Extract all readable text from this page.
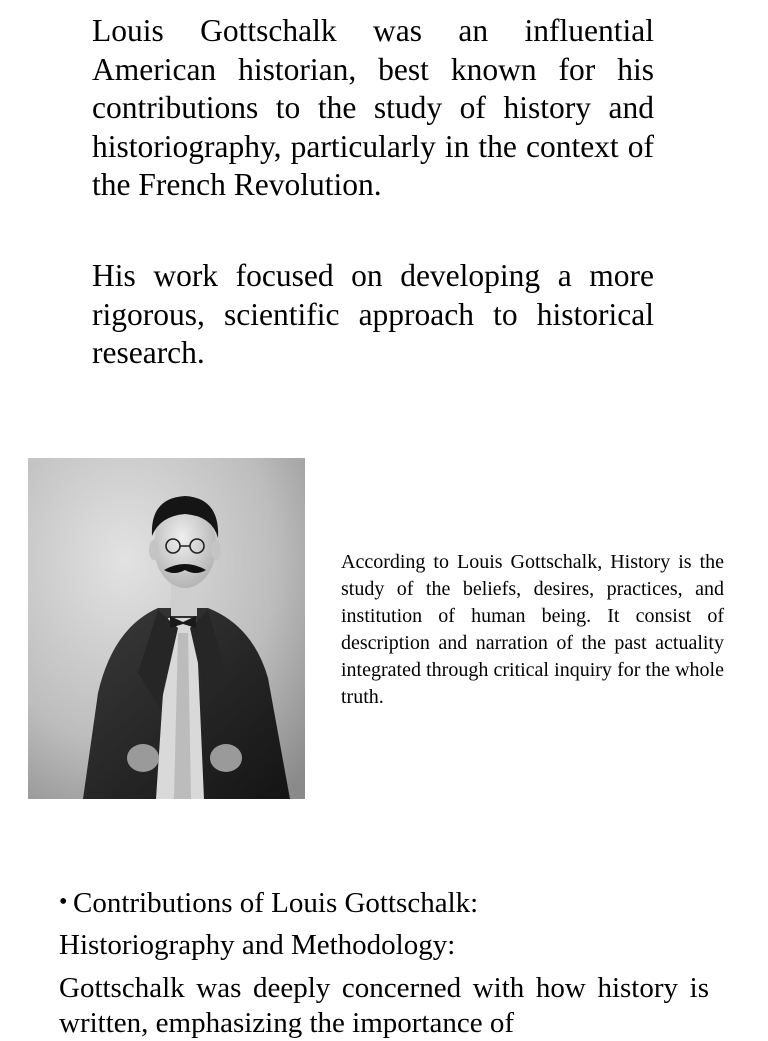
Louis Gottschalk was an influential American historian, best known for his contributions to the study of history and historiography, particularly in the context of the French Revolution.

His work focused on developing a more rigorous, scientific approach to historical research.

According to Louis Gottschalk, History is the study of the beliefs, desires, practices, and institution of human being. It consist of description and narration of the past actuality integrated through critical inquiry for the whole truth.

• Contributions of Louis Gottschalk:

Historiography and Methodology:

Gottschalk was deeply concerned with how history is written, emphasizing the importance of
